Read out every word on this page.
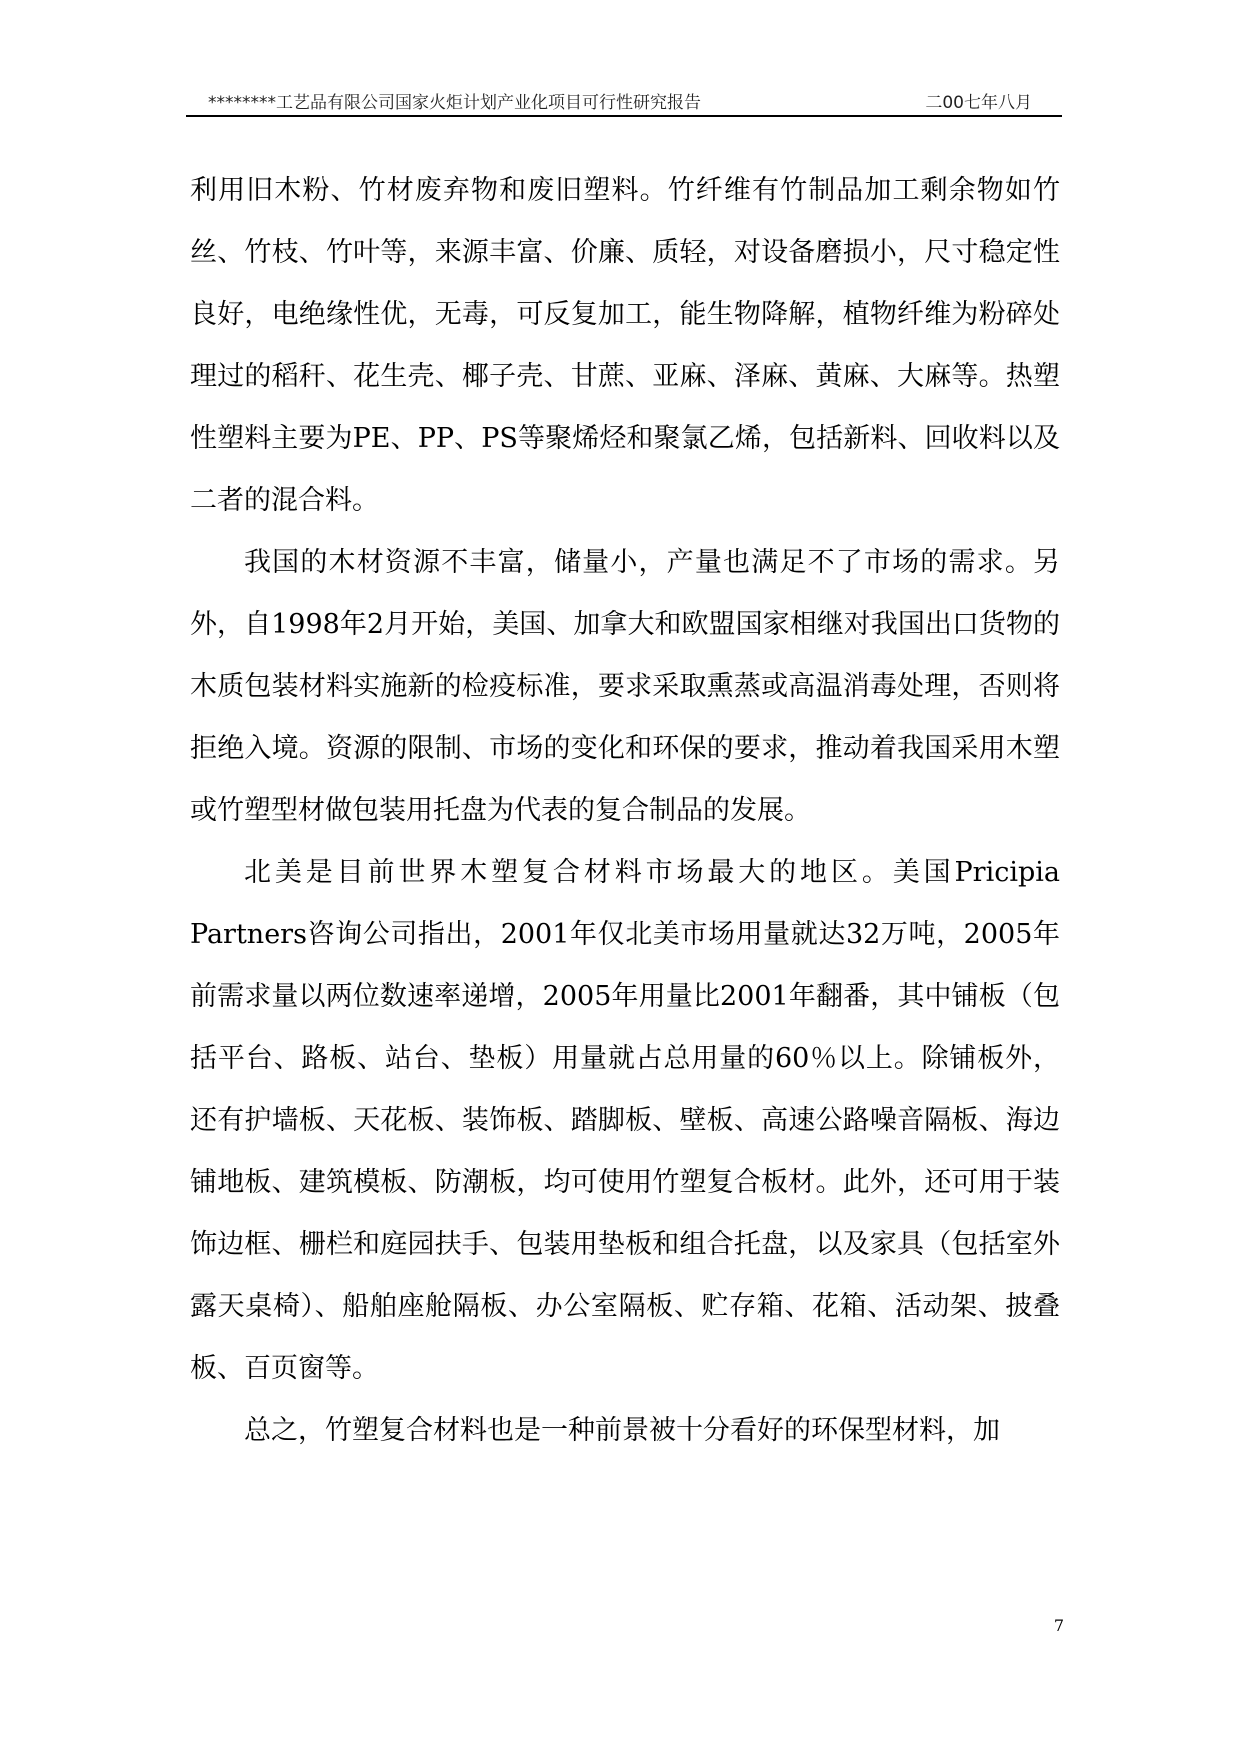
********工艺品有限公司国家火炬计划产业化项目可行性研究报告	二00七年八月

利用旧木粉、竹材废弃物和废旧塑料。竹纤维有竹制品加工剩余物如竹丝、竹枝、竹叶等，来源丰富、价廉、质轻，对设备磨损小，尺寸稳定性良好，电绝缘性优，无毒，可反复加工，能生物降解，植物纤维为粉碎处理过的稻秆、花生壳、椰子壳、甘蔗、亚麻、泽麻、黄麻、大麻等。热塑性塑料主要为PE、PP、PS等聚烯烃和聚氯乙烯，包括新料、回收料以及二者的混合料。

我国的木材资源不丰富，储量小，产量也满足不了市场的需求。另外，自1998年2月开始，美国、加拿大和欧盟国家相继对我国出口货物的木质包装材料实施新的检疫标准，要求采取熏蒸或高温消毒处理，否则将拒绝入境。资源的限制、市场的变化和环保的要求，推动着我国采用木塑或竹塑型材做包装用托盘为代表的复合制品的发展。

北美是目前世界木塑复合材料市场最大的地区。美国Pricipia Partners咨询公司指出，2001年仅北美市场用量就达32万吨，2005年前需求量以两位数速率递增，2005年用量比2001年翻番，其中铺板（包括平台、路板、站台、垫板）用量就占总用量的60％以上。除铺板外，还有护墙板、天花板、装饰板、踏脚板、壁板、高速公路噪音隔板、海边铺地板、建筑模板、防潮板，均可使用竹塑复合板材。此外，还可用于装饰边框、栅栏和庭园扶手、包装用垫板和组合托盘，以及家具（包括室外露天桌椅）、船舶座舱隔板、办公室隔板、贮存箱、花箱、活动架、披叠板、百页窗等。

总之，竹塑复合材料也是一种前景被十分看好的环保型材料，加

7
